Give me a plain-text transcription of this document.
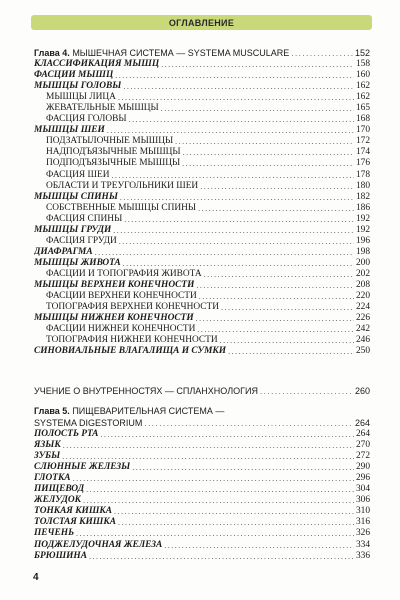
ОГЛАВЛЕНИЕ
Глава 4. МЫШЕЧНАЯ СИСТЕМА — SYSTEMA MUSCULARE .....	152
КЛАССИФИКАЦИЯ МЫШЦ .....	158
ФАСЦИИ МЫШЦ .....	160
МЫШЦЫ ГОЛОВЫ .....	162
МЫШЦЫ ЛИЦА .....	162
ЖЕВАТЕЛЬНЫЕ МЫШЦЫ .....	165
ФАСЦИЯ ГОЛОВЫ .....	168
МЫШЦЫ ШЕИ .....	170
ПОДЗАТЫЛОЧНЫЕ МЫШЦЫ .....	172
НАДПОДЪЯЗЫЧНЫЕ МЫШЦЫ .....	174
ПОДПОДЪЯЗЫЧНЫЕ МЫШЦЫ .....	176
ФАСЦИЯ ШЕИ .....	178
ОБЛАСТИ И ТРЕУГОЛЬНИКИ ШЕИ .....	180
МЫШЦЫ СПИНЫ .....	182
СОБСТВЕННЫЕ МЫШЦЫ СПИНЫ .....	186
ФАСЦИЯ СПИНЫ .....	192
МЫШЦЫ ГРУДИ .....	192
ФАСЦИЯ ГРУДИ .....	196
ДИАФРАГМА .....	198
МЫШЦЫ ЖИВОТА .....	200
ФАСЦИИ И ТОПОГРАФИЯ ЖИВОТА .....	202
МЫШЦЫ ВЕРХНЕЙ КОНЕЧНОСТИ .....	208
ФАСЦИИ ВЕРХНЕЙ КОНЕЧНОСТИ .....	220
ТОПОГРАФИЯ ВЕРХНЕЙ КОНЕЧНОСТИ .....	224
МЫШЦЫ НИЖНЕЙ КОНЕЧНОСТИ .....	226
ФАСЦИИ НИЖНЕЙ КОНЕЧНОСТИ .....	242
ТОПОГРАФИЯ НИЖНЕЙ КОНЕЧНОСТИ .....	246
СИНОВИАЛЬНЫЕ ВЛАГАЛИЩА И СУМКИ .....	250
УЧЕНИЕ О ВНУТРЕННОСТЯХ — СПЛАНХНОЛОГИЯ .....	260
Глава 5. ПИЩЕВАРИТЕЛЬНАЯ СИСТЕМА —
SYSTEMA DIGESTORIUM .....	264
ПОЛОСТЬ РТА .....	264
ЯЗЫК .....	270
ЗУБЫ .....	272
СЛЮННЫЕ ЖЕЛЕЗЫ .....	290
ГЛОТКА .....	296
ПИЩЕВОД .....	304
ЖЕЛУДОК .....	306
ТОНКАЯ КИШКА .....	310
ТОЛСТАЯ КИШКА .....	316
ПЕЧЕНЬ .....	326
ПОДЖЕЛУДОЧНАЯ ЖЕЛЕЗА .....	334
БРЮШИНА .....	336
4
